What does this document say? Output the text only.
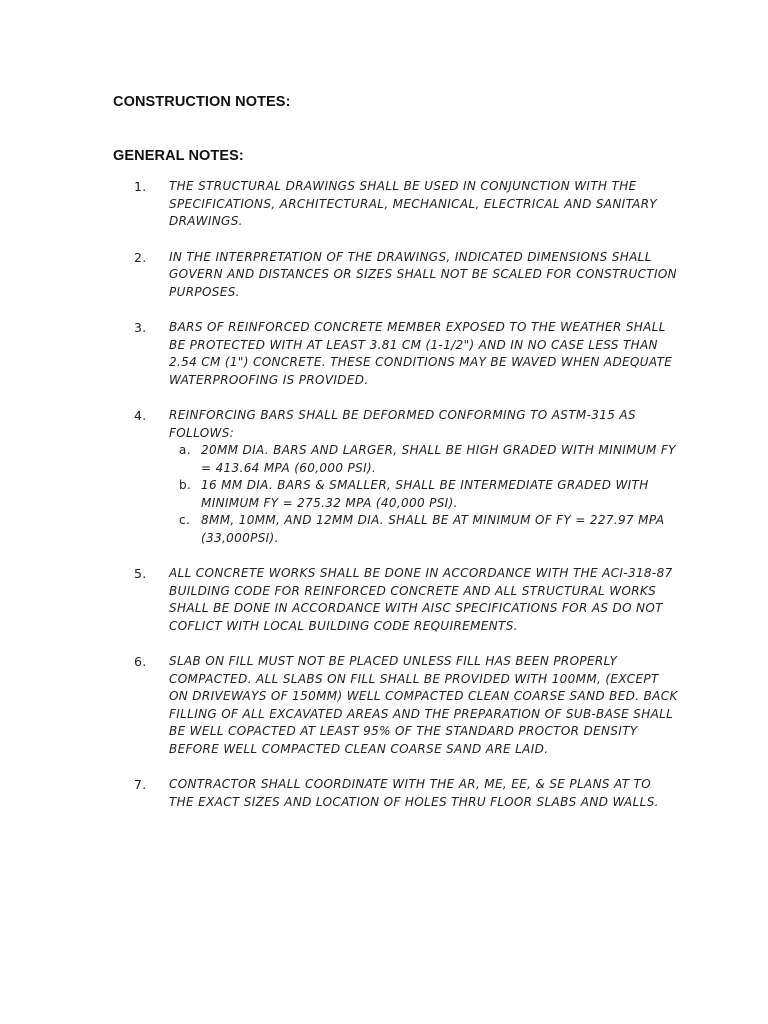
CONSTRUCTION NOTES:
GENERAL NOTES:
1. THE STRUCTURAL DRAWINGS SHALL BE USED IN CONJUNCTION WITH THE SPECIFICATIONS, ARCHITECTURAL, MECHANICAL, ELECTRICAL AND SANITARY DRAWINGS.
2. IN THE INTERPRETATION OF THE DRAWINGS, INDICATED DIMENSIONS SHALL GOVERN AND DISTANCES OR SIZES SHALL NOT BE SCALED FOR CONSTRUCTION PURPOSES.
3. BARS OF REINFORCED CONCRETE MEMBER EXPOSED TO THE WEATHER SHALL BE PROTECTED WITH AT LEAST 3.81 CM (1-1/2") AND IN NO CASE LESS THAN 2.54 CM (1") CONCRETE. THESE CONDITIONS MAY BE WAVED WHEN ADEQUATE WATERPROOFING IS PROVIDED.
4. REINFORCING BARS SHALL BE DEFORMED CONFORMING TO ASTM-315 AS FOLLOWS:
a. 20MM DIA. BARS AND LARGER, SHALL BE HIGH GRADED WITH MINIMUM FY = 413.64 MPA (60,000 PSI).
b. 16 MM DIA. BARS & SMALLER, SHALL BE INTERMEDIATE GRADED WITH MINIMUM FY = 275.32 MPA (40,000 PSI).
c. 8MM, 10MM, AND 12MM DIA. SHALL BE AT MINIMUM OF FY = 227.97 MPA (33,000PSI).
5. ALL CONCRETE WORKS SHALL BE DONE IN ACCORDANCE WITH THE ACI-318-87 BUILDING CODE FOR REINFORCED CONCRETE AND ALL STRUCTURAL WORKS SHALL BE DONE IN ACCORDANCE WITH AISC SPECIFICATIONS FOR AS DO NOT COFLICT WITH LOCAL BUILDING CODE REQUIREMENTS.
6. SLAB ON FILL MUST NOT BE PLACED UNLESS FILL HAS BEEN PROPERLY COMPACTED. ALL SLABS ON FILL SHALL BE PROVIDED WITH 100MM, (EXCEPT ON DRIVEWAYS OF 150MM) WELL COMPACTED CLEAN COARSE SAND BED. BACK FILLING OF ALL EXCAVATED AREAS AND THE PREPARATION OF SUB-BASE SHALL BE WELL COPACTED AT LEAST 95% OF THE STANDARD PROCTOR DENSITY BEFORE WELL COMPACTED CLEAN COARSE SAND ARE LAID.
7. CONTRACTOR SHALL COORDINATE WITH THE AR, ME, EE, & SE PLANS AT TO THE EXACT SIZES AND LOCATION OF HOLES THRU FLOOR SLABS AND WALLS.
